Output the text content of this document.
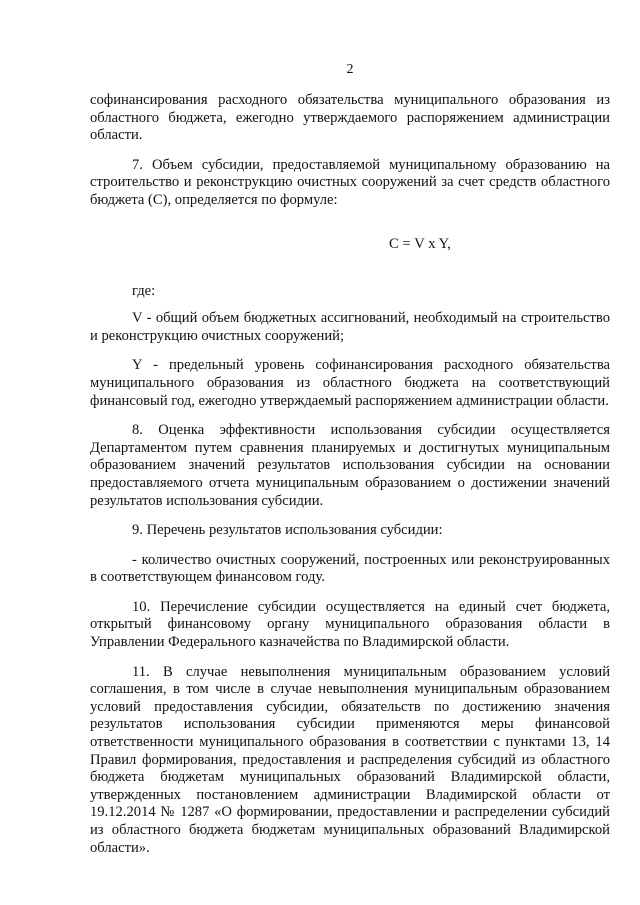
2

софинансирования расходного обязательства муниципального образования из областного бюджета, ежегодно утверждаемого распоряжением администрации области.

7. Объем субсидии, предоставляемой муниципальному образованию на строительство и реконструкцию очистных сооружений за счет средств областного бюджета (С), определяется по формуле:

С = V x Y,

где:

V - общий объем бюджетных ассигнований, необходимый на строительство и реконструкцию очистных сооружений;

Y - предельный уровень софинансирования расходного обязательства муниципального образования из областного бюджета на соответствующий финансовый год, ежегодно утверждаемый распоряжением администрации области.

8. Оценка эффективности использования субсидии осуществляется Департаментом путем сравнения планируемых и достигнутых муниципальным образованием значений результатов использования субсидии на основании предоставляемого отчета муниципальным образованием о достижении значений результатов использования субсидии.

9. Перечень результатов использования субсидии:

- количество очистных сооружений, построенных или реконструированных в соответствующем финансовом году.

10. Перечисление субсидии осуществляется на единый счет бюджета, открытый финансовому органу муниципального образования области в Управлении Федерального казначейства по Владимирской области.

11. В случае невыполнения муниципальным образованием условий соглашения, в том числе в случае невыполнения муниципальным образованием условий предоставления субсидии, обязательств по достижению значения результатов использования субсидии применяются меры финансовой ответственности муниципального образования в соответствии с пунктами 13, 14 Правил формирования, предоставления и распределения субсидий из областного бюджета бюджетам муниципальных образований Владимирской области, утвержденных постановлением администрации Владимирской области от 19.12.2014 № 1287 «О формировании, предоставлении и распределении субсидий из областного бюджета бюджетам муниципальных образований Владимирской области».
